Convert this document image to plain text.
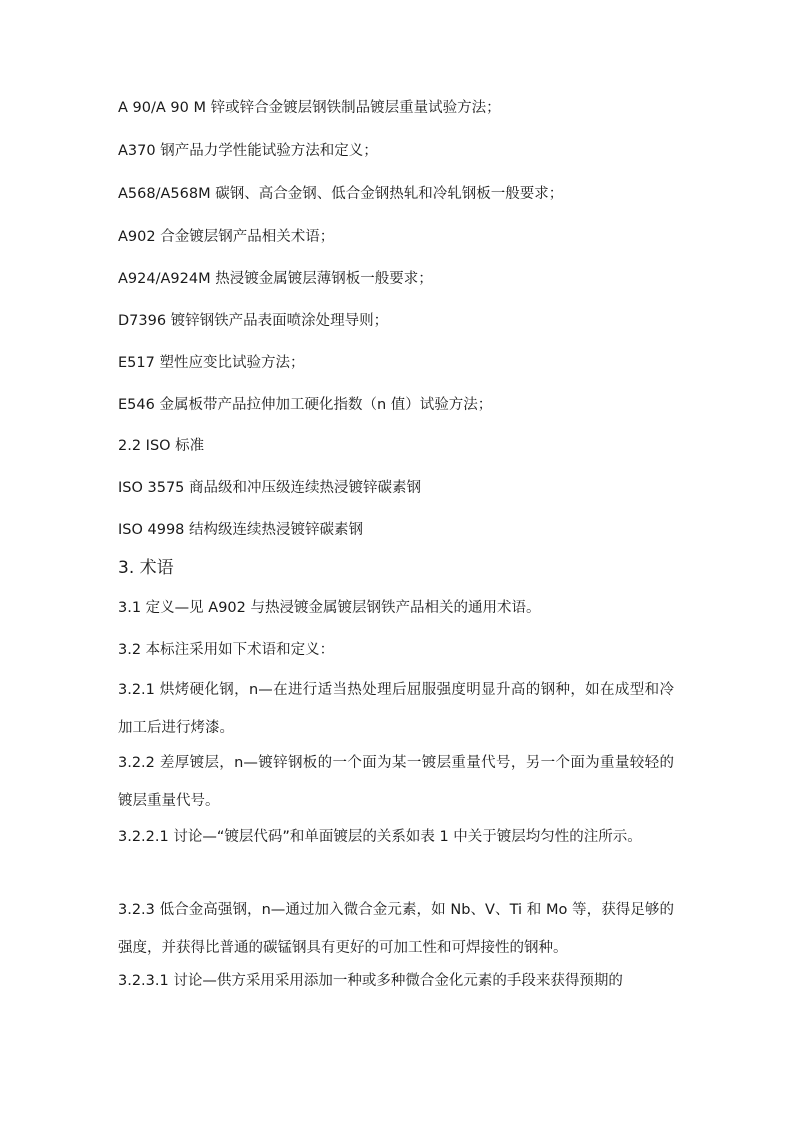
A 90/A 90 M 锌或锌合金镀层钢铁制品镀层重量试验方法；
A370 钢产品力学性能试验方法和定义；
A568/A568M 碳钢、高合金钢、低合金钢热轧和冷轧钢板一般要求；
A902 合金镀层钢产品相关术语；
A924/A924M 热浸镀金属镀层薄钢板一般要求；
D7396 镀锌钢铁产品表面喷涂处理导则；
E517 塑性应变比试验方法；
E546 金属板带产品拉伸加工硬化指数（n 值）试验方法；
2.2 ISO 标准
ISO 3575 商品级和冲压级连续热浸镀锌碳素钢
ISO 4998 结构级连续热浸镀锌碳素钢
3. 术语
3.1 定义—见 A902 与热浸镀金属镀层钢铁产品相关的通用术语。
3.2 本标注采用如下术语和定义：
3.2.1 烘烤硬化钢，n—在进行适当热处理后屈服强度明显升高的钢种，如在成型和冷加工后进行烤漆。
3.2.2 差厚镀层，n—镀锌钢板的一个面为某一镀层重量代号，另一个面为重量较轻的镀层重量代号。
3.2.2.1 讨论—“镀层代码”和单面镀层的关系如表 1 中关于镀层均匀性的注所示。
3.2.3 低合金高强钢，n—通过加入微合金元素，如 Nb、V、Ti 和 Mo 等，获得足够的强度，并获得比普通的碳锰钢具有更好的可加工性和可焊接性的钢种。
3.2.3.1 讨论—供方采用采用添加一种或多种微合金化元素的手段来获得预期的
